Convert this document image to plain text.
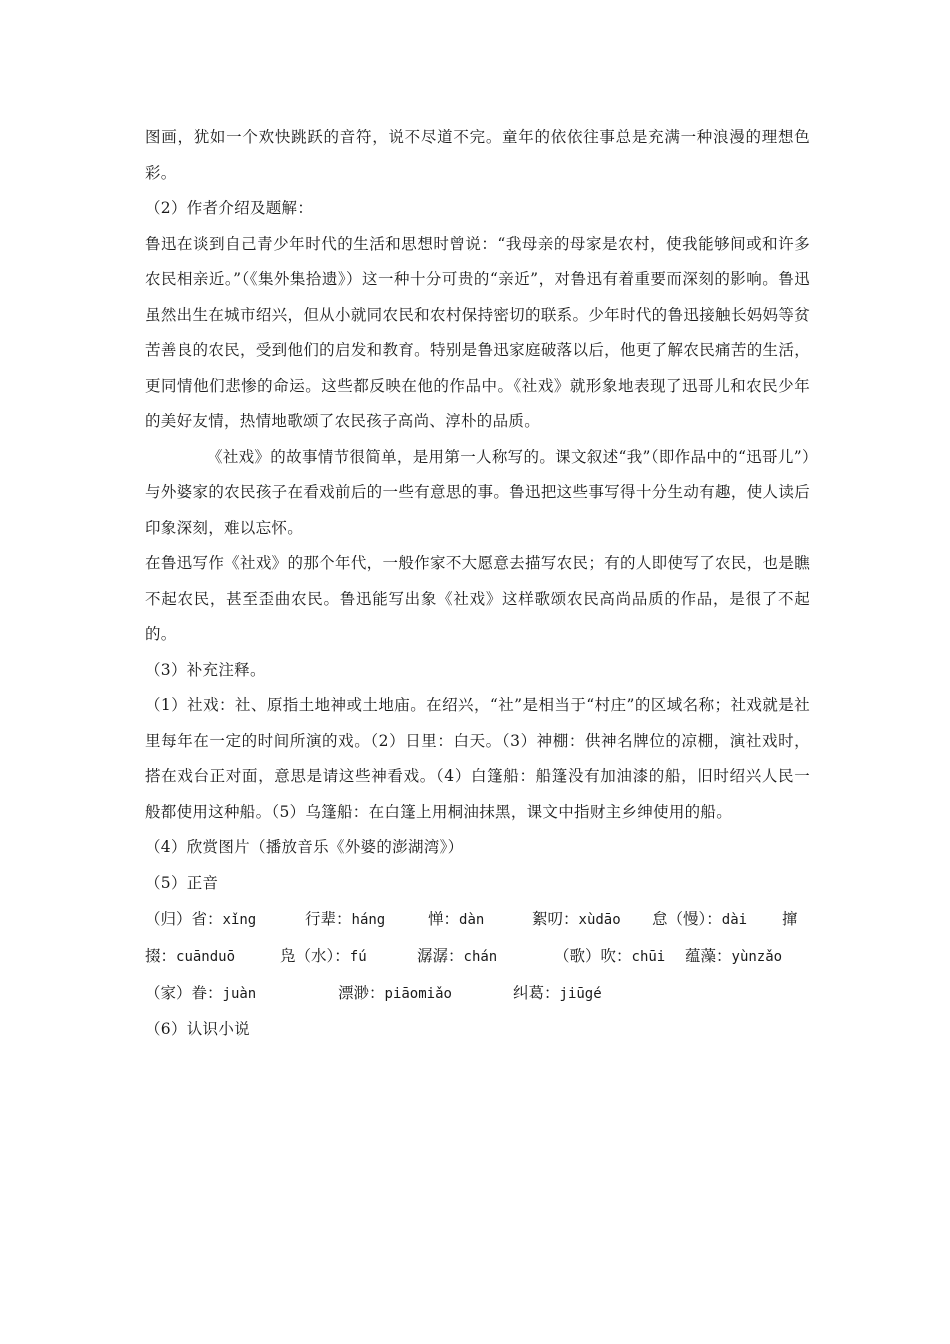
图画，犹如一个欢快跳跃的音符，说不尽道不完。童年的依依往事总是充满一种浪漫的理想色彩。

（2）作者介绍及题解：

鲁迅在谈到自己青少年时代的生活和思想时曾说：“我母亲的母家是农村，使我能够间或和许多农民相亲近。”（《集外集拾遗》）这一种十分可贵的“亲近”，对鲁迅有着重要而深刻的影响。鲁迅虽然出生在城市绍兴，但从小就同农民和农村保持密切的联系。少年时代的鲁迅接触长妈妈等贫苦善良的农民，受到他们的启发和教育。特别是鲁迅家庭破落以后，他更了解农民痛苦的生活，更同情他们悲惨的命运。这些都反映在他的作品中。《社戏》就形象地表现了迅哥儿和农民少年的美好友情，热情地歌颂了农民孩子高尚、淳朴的品质。

《社戏》的故事情节很简单，是用第一人称写的。课文叙述“我”（即作品中的“迅哥儿”）与外婆家的农民孩子在看戏前后的一些有意思的事。鲁迅把这些事写得十分生动有趣，使人读后印象深刻，难以忘怀。

在鲁迅写作《社戏》的那个年代，一般作家不大愿意去描写农民；有的人即使写了农民，也是瞧不起农民，甚至歪曲农民。鲁迅能写出象《社戏》这样歌颂农民高尚品质的作品，是很了不起的。

（3）补充注释。

（1）社戏：社、原指土地神或土地庙。在绍兴，“社”是相当于“村庄”的区域名称；社戏就是社里每年在一定的时间所演的戏。（2）日里：白天。（3）神棚：供神名牌位的凉棚，演社戏时，搭在戏台正对面，意思是请这些神看戏。（4）白篷船：船篷没有加油漆的船，旧时绍兴人民一般都使用这种船。（5）乌篷船：在白篷上用桐油抹黑，课文中指财主乡绅使用的船。

（4）欣赏图片（播放音乐《外婆的澎湖湾》）

（5）正音

（归）省：xǐng	行辈：háng	惮：dàn	絮叨：xùdāo	怠（慢）：dài	撺
掇：cuānduō	凫（水）：fú	潺潺：chán	（歌）吹：chūi	蕴藻：yùnzǎo
（家）眷：juàn	漂渺：piāomiǎo	纠葛：jiūgé

（6）认识小说
